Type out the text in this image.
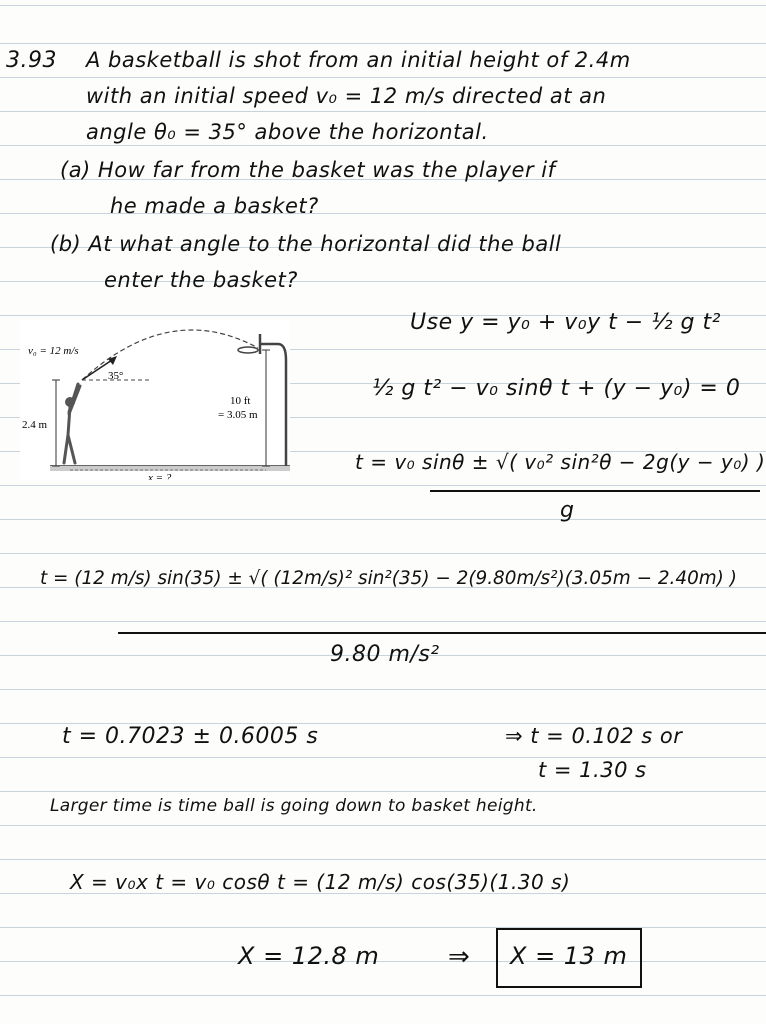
3.93 A basketball is shot from an initial height of 2.4m
with an initial speed v₀ = 12 m/s directed at an
angle θ₀ = 35° above the horizontal.
(a) How far from the basket was the player if
he made a basket?
(b) At what angle to the horizontal did the ball
enter the basket?
v₀ = 12 m/s
35°
2.4 m
10 ft
= 3.05 m
x = ?
Use y = y₀ + v₀y t − ½ g t²
½ g t² − v₀ sinθ t + (y − y₀) = 0
t = v₀ sinθ ± √( v₀² sin²θ − 2g(y − y₀) )
g
t = (12 m/s) sin(35) ± √( (12m/s)² sin²(35) − 2(9.80m/s²)(3.05m − 2.40m) )
9.80 m/s²
t = 0.7023 ± 0.6005 s	⇒ t = 0.102 s or
t = 1.30 s
Larger time is time ball is going down to basket height.
X = v₀x t = v₀ cosθ t = (12 m/s) cos(35)(1.30 s)
X = 12.8 m	⇒ X = 13 m
